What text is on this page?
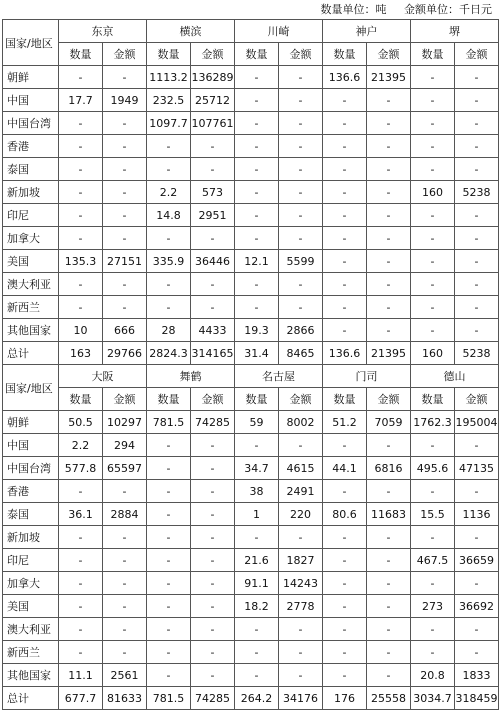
数量单位：吨 金额单位：千日元
国家/地区	东京		横滨		川崎		神户		堺	
	数量	金额	数量	金额	数量	金额	数量	金额	数量	金额
朝鲜	-	-	1113.2	136289	-	-	136.6	21395	-	-
中国	17.7	1949	232.5	25712	-	-	-	-	-	-
中国台湾	-	-	1097.7	107761	-	-	-	-	-	-
香港	-	-	-	-	-	-	-	-	-	-
泰国	-	-	-	-	-	-	-	-	-	-
新加坡	-	-	2.2	573	-	-	-	-	160	5238
印尼	-	-	14.8	2951	-	-	-	-	-	-
加拿大	-	-	-	-	-	-	-	-	-	-
美国	135.3	27151	335.9	36446	12.1	5599	-	-	-	-
澳大利亚	-	-	-	-	-	-	-	-	-	-
新西兰	-	-	-	-	-	-	-	-	-	-
其他国家	10	666	28	4433	19.3	2866	-	-	-	-
总计	163	29766	2824.3	314165	31.4	8465	136.6	21395	160	5238
国家/地区	大阪		舞鹤		名古屋		门司		德山	
	数量	金额	数量	金额	数量	金额	数量	金额	数量	金额
朝鲜	50.5	10297	781.5	74285	59	8002	51.2	7059	1762.3	195004
中国	2.2	294	-	-	-	-	-	-	-	-
中国台湾	577.8	65597	-	-	34.7	4615	44.1	6816	495.6	47135
香港	-	-	-	-	38	2491	-	-	-	-
泰国	36.1	2884	-	-	1	220	80.6	11683	15.5	1136
新加坡	-	-	-	-	-	-	-	-	-	-
印尼	-	-	-	-	21.6	1827	-	-	467.5	36659
加拿大	-	-	-	-	91.1	14243	-	-	-	-
美国	-	-	-	-	18.2	2778	-	-	273	36692
澳大利亚	-	-	-	-	-	-	-	-	-	-
新西兰	-	-	-	-	-	-	-	-	-	-
其他国家	11.1	2561	-	-	-	-	-	-	20.8	1833
总计	677.7	81633	781.5	74285	264.2	34176	176	25558	3034.7	318459
